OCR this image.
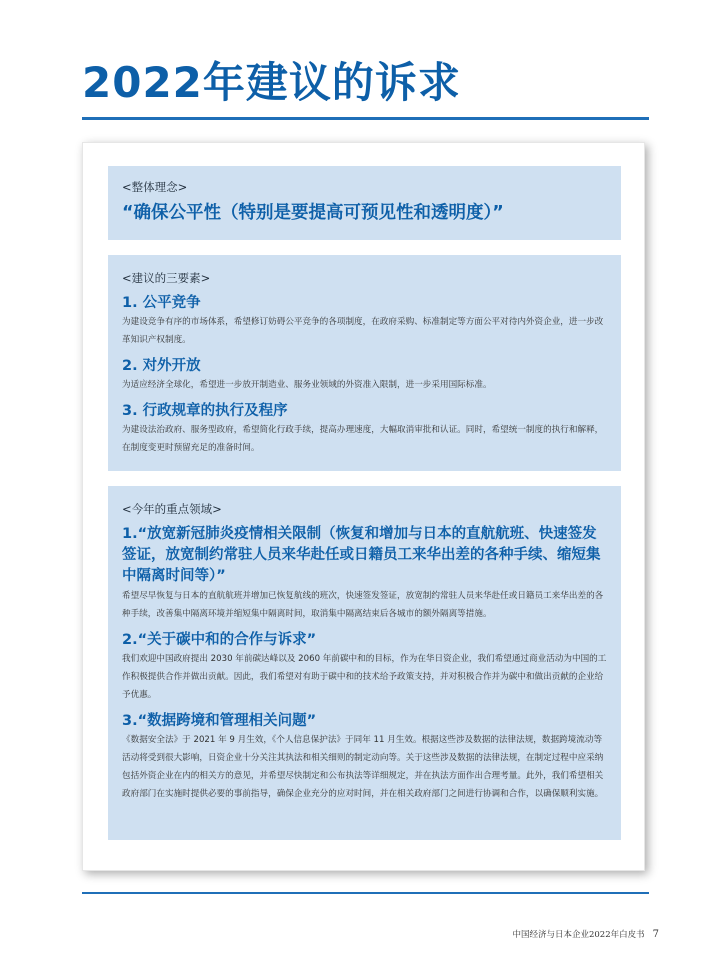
2022年建议的诉求
<整体理念>
“确保公平性（特别是要提高可预见性和透明度）”
<建议的三要素>
1. 公平竞争
为建设竞争有序的市场体系，希望修订妨碍公平竞争的各项制度，在政府采购、标准制定等方面公平对待内外资企业，进一步改革知识产权制度。
2. 对外开放
为适应经济全球化，希望进一步放开制造业、服务业领域的外资准入限制，进一步采用国际标准。
3. 行政规章的执行及程序
为建设法治政府、服务型政府，希望简化行政手续，提高办理速度，大幅取消审批和认证。同时，希望统一制度的执行和解释，在制度变更时预留充足的准备时间。
<今年的重点领域>
1.“放宽新冠肺炎疫情相关限制（恢复和增加与日本的直航航班、快速签发签证，放宽制约常驻人员来华赴任或日籍员工来华出差的各种手续、缩短集中隔离时间等）”
希望尽早恢复与日本的直航航班并增加已恢复航线的班次，快速签发签证，放宽制约常驻人员来华赴任或日籍员工来华出差的各种手续，改善集中隔离环境并缩短集中隔离时间，取消集中隔离结束后各城市的额外隔离等措施。
2.“关于碳中和的合作与诉求”
我们欢迎中国政府提出 2030 年前碳达峰以及 2060 年前碳中和的目标，作为在华日资企业，我们希望通过商业活动为中国的工作积极提供合作并做出贡献。因此，我们希望对有助于碳中和的技术给予政策支持，并对积极合作并为碳中和做出贡献的企业给予优惠。
3.“数据跨境和管理相关问题”
《数据安全法》于 2021 年 9 月生效，《个人信息保护法》于同年 11 月生效。根据这些涉及数据的法律法规，数据跨境流动等活动将受到很大影响，日资企业十分关注其执法和相关细则的制定动向等。关于这些涉及数据的法律法规，在制定过程中应采纳包括外资企业在内的相关方的意见，并希望尽快制定和公布执法等详细规定，并在执法方面作出合理考量。此外，我们希望相关政府部门在实施时提供必要的事前指导，确保企业充分的应对时间，并在相关政府部门之间进行协调和合作，以确保顺利实施。
中国经济与日本企业2022年白皮书 7
